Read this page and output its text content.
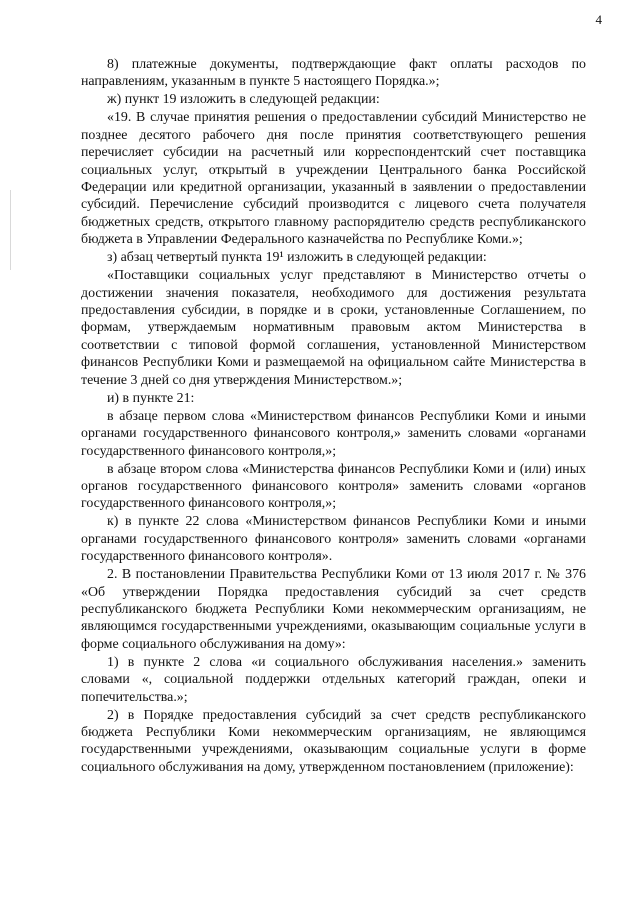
4

8) платежные документы, подтверждающие факт оплаты расходов по направлениям, указанным в пункте 5 настоящего Порядка.»;

ж) пункт 19 изложить в следующей редакции:

«19. В случае принятия решения о предоставлении субсидий Министерство не позднее десятого рабочего дня после принятия соответствующего решения перечисляет субсидии на расчетный или корреспондентский счет поставщика социальных услуг, открытый в учреждении Центрального банка Российской Федерации или кредитной организации, указанный в заявлении о предоставлении субсидий. Перечисление субсидий производится с лицевого счета получателя бюджетных средств, открытого главному распорядителю средств республиканского бюджета в Управлении Федерального казначейства по Республике Коми.»;

з) абзац четвертый пункта 19¹ изложить в следующей редакции:

«Поставщики социальных услуг представляют в Министерство отчеты о достижении значения показателя, необходимого для достижения результата предоставления субсидии, в порядке и в сроки, установленные Соглашением, по формам, утверждаемым нормативным правовым актом Министерства в соответствии с типовой формой соглашения, установленной Министерством финансов Республики Коми и размещаемой на официальном сайте Министерства в течение 3 дней со дня утверждения Министерством.»;

и) в пункте 21:

в абзаце первом слова «Министерством финансов Республики Коми и иными органами государственного финансового контроля,» заменить словами «органами государственного финансового контроля,»;

в абзаце втором слова «Министерства финансов Республики Коми и (или) иных органов государственного финансового контроля» заменить словами «органов государственного финансового контроля,»;

к) в пункте 22 слова «Министерством финансов Республики Коми и иными органами государственного финансового контроля» заменить словами «органами государственного финансового контроля».

2. В постановлении Правительства Республики Коми от 13 июля 2017 г. № 376 «Об утверждении Порядка предоставления субсидий за счет средств республиканского бюджета Республики Коми некоммерческим организациям, не являющимся государственными учреждениями, оказывающим социальные услуги в форме социального обслуживания на дому»:

1) в пункте 2 слова «и социального обслуживания населения.» заменить словами «, социальной поддержки отдельных категорий граждан, опеки и попечительства.»;

2) в Порядке предоставления субсидий за счет средств республиканского бюджета Республики Коми некоммерческим организациям, не являющимся государственными учреждениями, оказывающим социальные услуги в форме социального обслуживания на дому, утвержденном постановлением (приложение):
